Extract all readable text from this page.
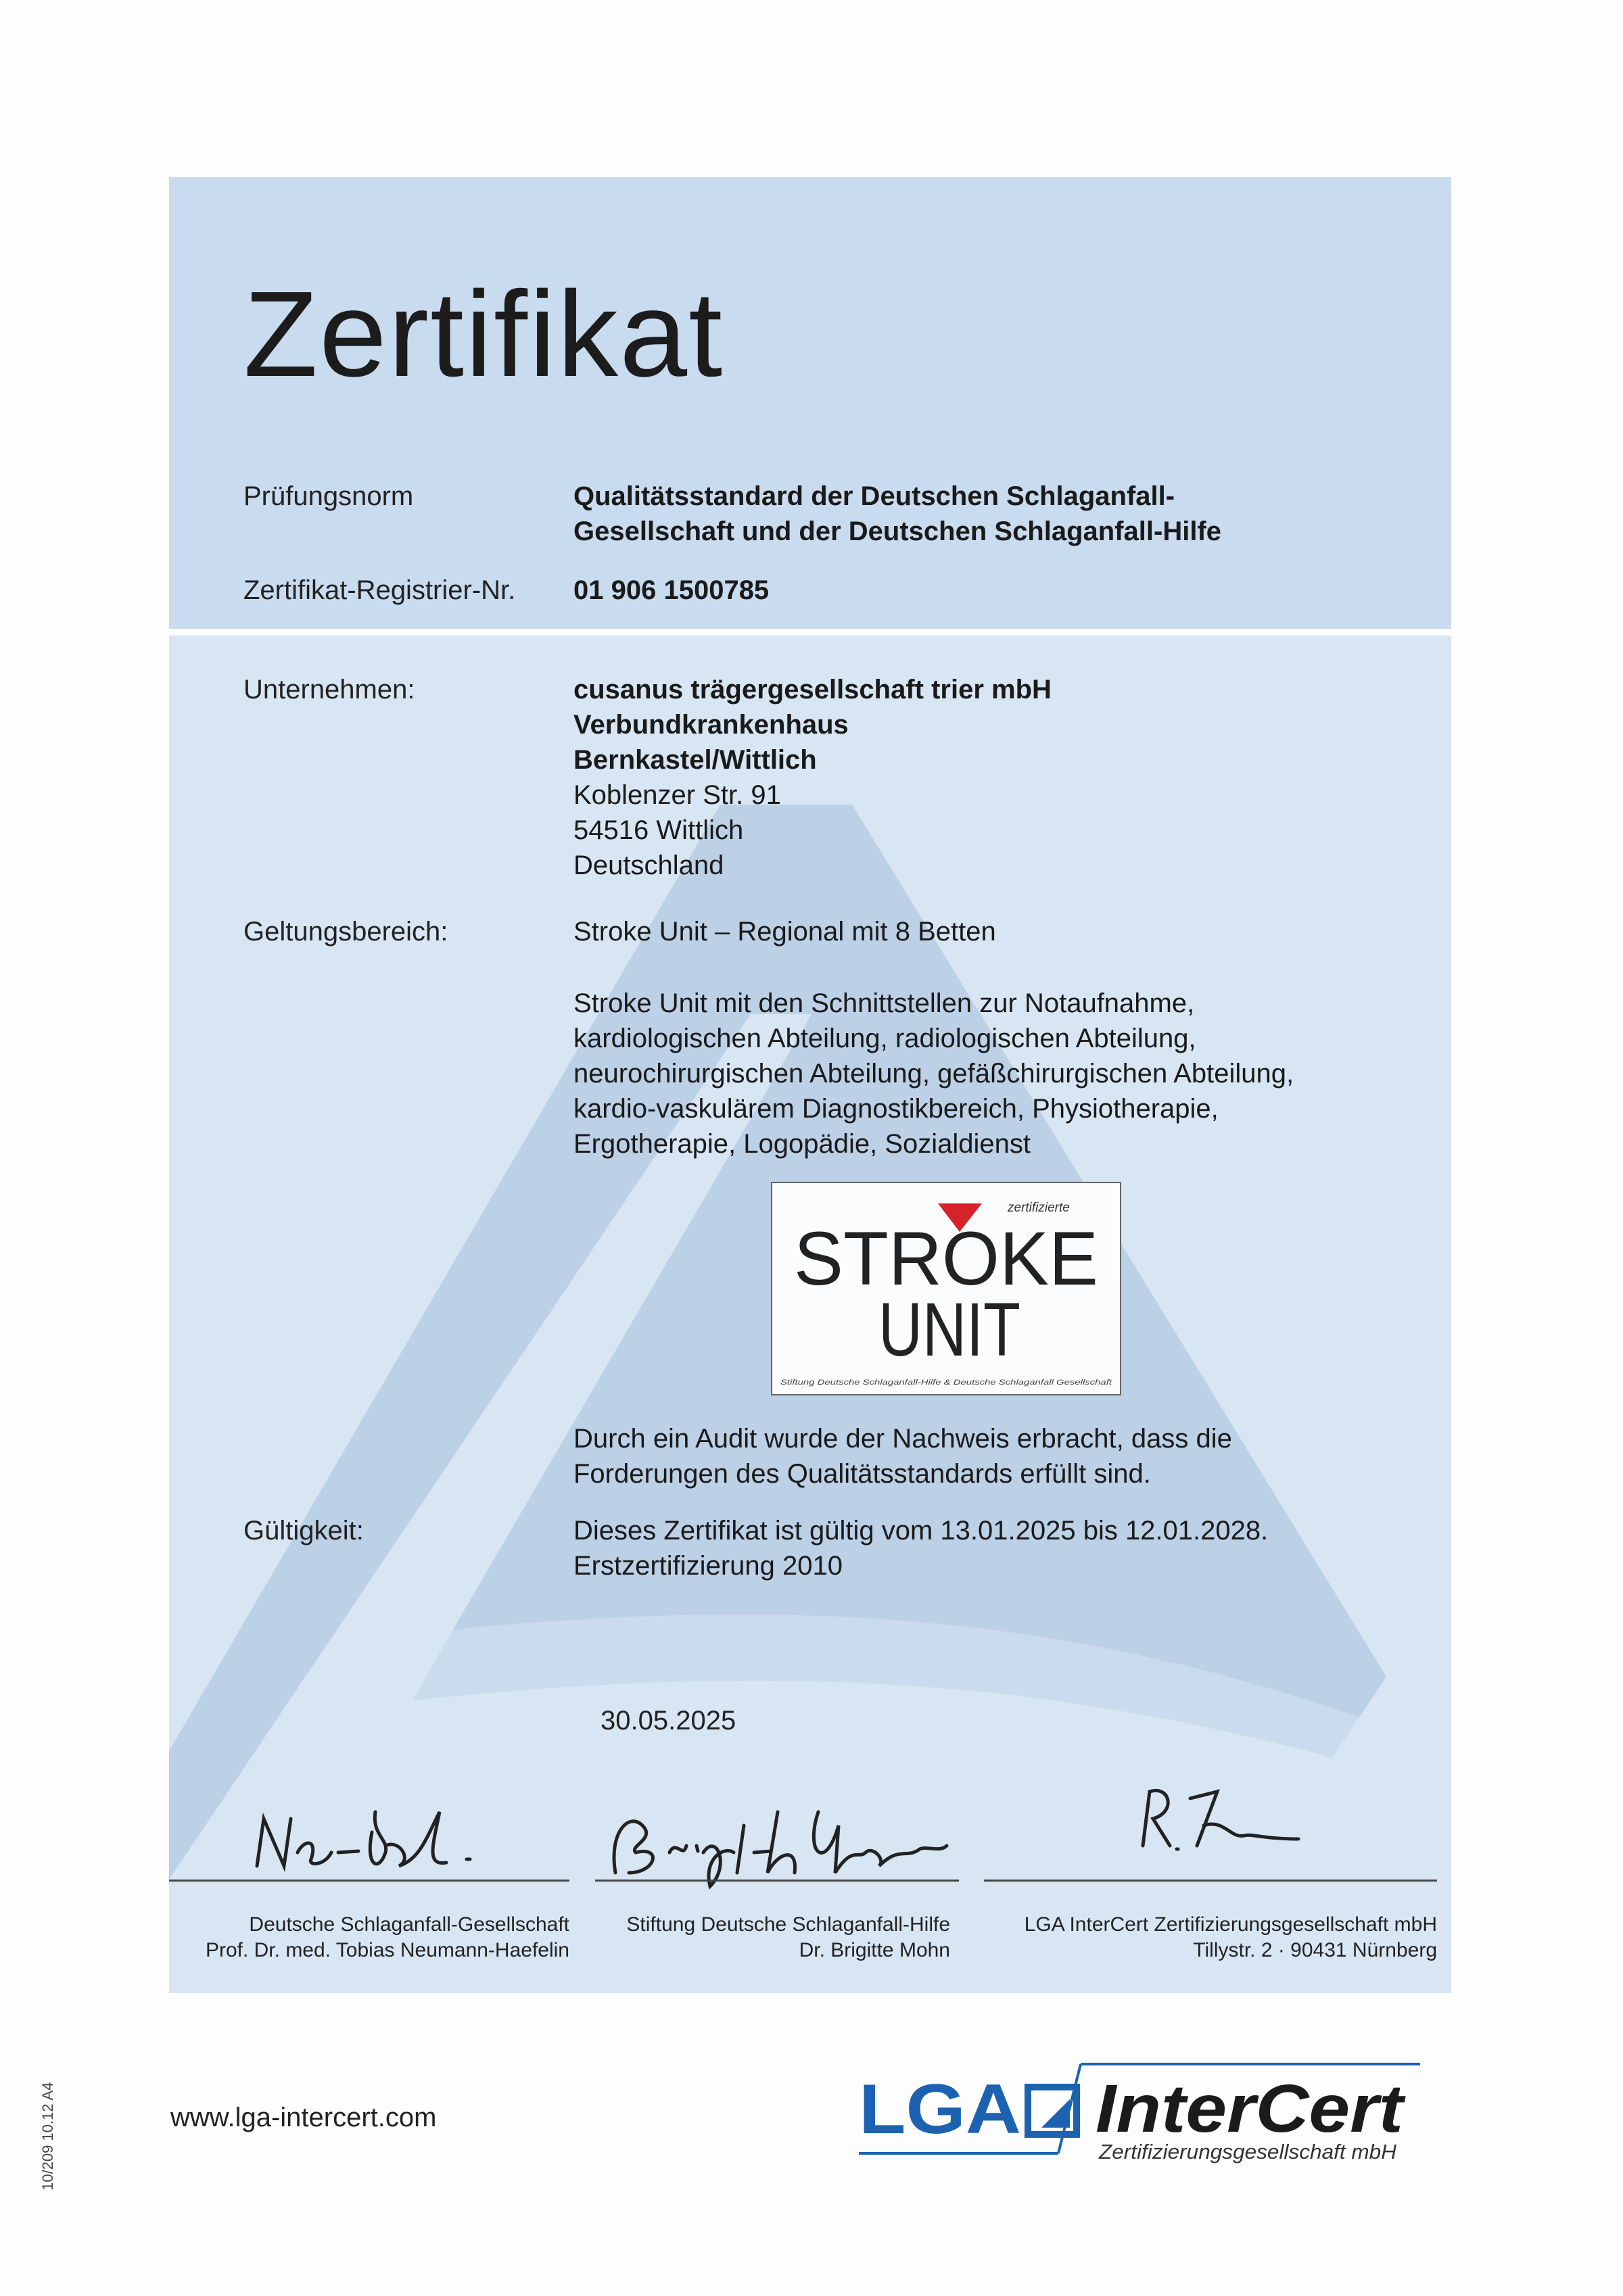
Zertifikat
Prüfungsnorm	Qualitätsstandard der Deutschen Schlaganfall-
Gesellschaft und der Deutschen Schlaganfall-Hilfe
Zertifikat-Registrier-Nr. 01 906 1500785
Unternehmen:	cusanus trägergesellschaft trier mbH
Verbundkrankenhaus
Bernkastel/Wittlich
Koblenzer Str. 91
54516 Wittlich
Deutschland
Geltungsbereich:	Stroke Unit – Regional mit 8 Betten
Stroke Unit mit den Schnittstellen zur Notaufnahme,
kardiologischen Abteilung, radiologischen Abteilung,
neurochirurgischen Abteilung, gefäßchirurgischen Abteilung,
kardio-vaskulärem Diagnostikbereich, Physiotherapie,
Ergotherapie, Logopädie, Sozialdienst
zertifizierte
STROKE
UNIT
Stiftung Deutsche Schlaganfall-Hilfe & Deutsche Schlaganfall Gesellschaft
Durch ein Audit wurde der Nachweis erbracht, dass die
Forderungen des Qualitätsstandards erfüllt sind.
Gültigkeit:	Dieses Zertifikat ist gültig vom 13.01.2025 bis 12.01.2028.
Erstzertifizierung 2010
30.05.2025
Deutsche Schlaganfall-Gesellschaft
Prof. Dr. med. Tobias Neumann-Haefelin
Stiftung Deutsche Schlaganfall-Hilfe
Dr. Brigitte Mohn
LGA InterCert Zertifizierungsgesellschaft mbH
Tillystr. 2 · 90431 Nürnberg
www.lga-intercert.com
10/209 10.12 A4	LGA InterCert
Zertifizierungsgesellschaft mbH
